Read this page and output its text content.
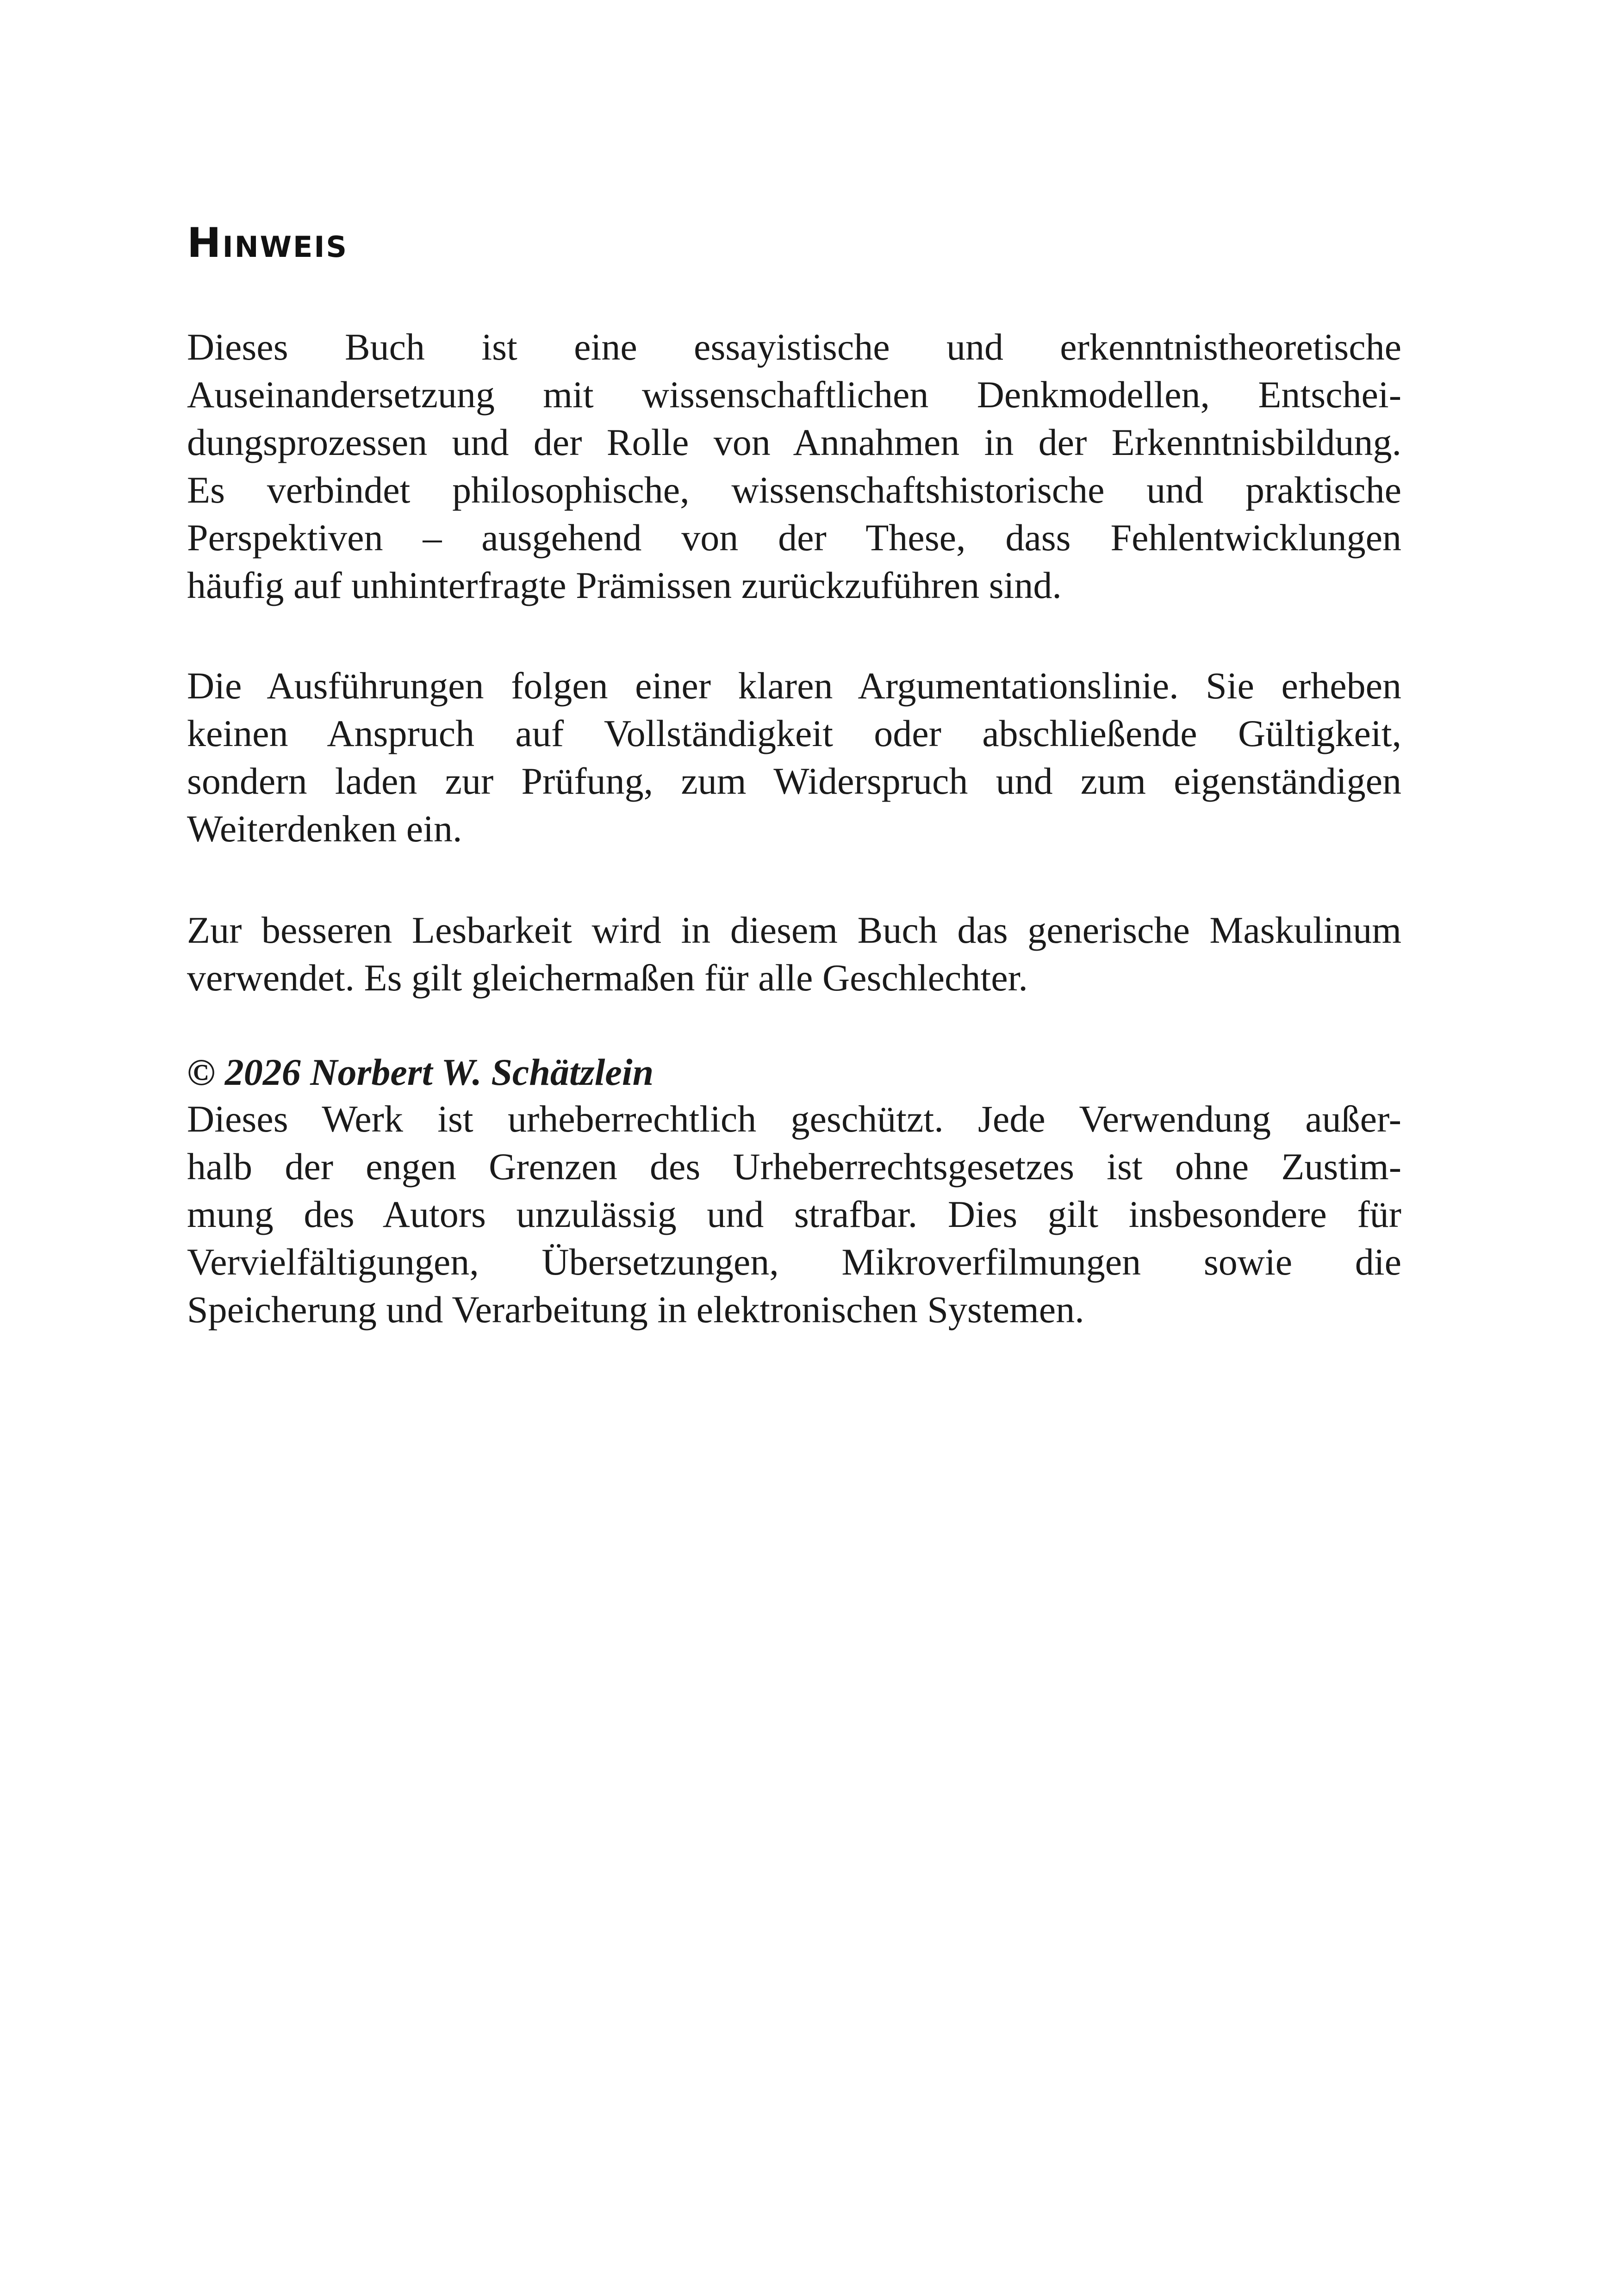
Hinweis

Dieses Buch ist eine essayistische und erkenntnistheoretische
Auseinandersetzung mit wissenschaftlichen Denkmodellen, Entschei-
dungsprozessen und der Rolle von Annahmen in der Erkenntnisbildung.
Es verbindet philosophische, wissenschaftshistorische und praktische
Perspektiven – ausgehend von der These, dass Fehlentwicklungen
häufig auf unhinterfragte Prämissen zurückzuführen sind.

Die Ausführungen folgen einer klaren Argumentationslinie. Sie erheben
keinen Anspruch auf Vollständigkeit oder abschließende Gültigkeit,
sondern laden zur Prüfung, zum Widerspruch und zum eigenständigen
Weiterdenken ein.

Zur besseren Lesbarkeit wird in diesem Buch das generische Maskulinum
verwendet. Es gilt gleichermaßen für alle Geschlechter.

© 2026 Norbert W. Schätzlein

Dieses Werk ist urheberrechtlich geschützt. Jede Verwendung außer-
halb der engen Grenzen des Urheberrechtsgesetzes ist ohne Zustim-
mung des Autors unzulässig und strafbar. Dies gilt insbesondere für
Vervielfältigungen, Übersetzungen, Mikroverfilmungen sowie die
Speicherung und Verarbeitung in elektronischen Systemen.
